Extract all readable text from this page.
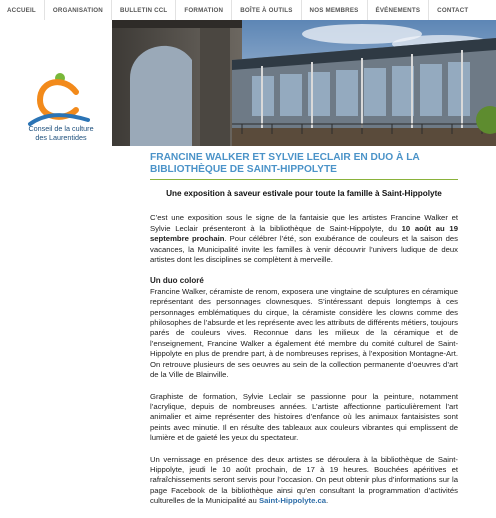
ACCUEIL	ORGANISATION	BULLETIN CCL	FORMATION	BOÎTE À OUTILS	NOS MEMBRES	ÉVÉNEMENTS	CONTACT
Conseil de la culture
des Laurentides
FRANCINE WALKER ET SYLVIE LECLAIR EN DUO À LA BIBLIOTHÈQUE DE SAINT-HIPPOLYTE
Une exposition à saveur estivale pour toute la famille à Saint-Hippolyte

C’est une exposition sous le signe de la fantaisie que les artistes Francine Walker et Sylvie Leclair présenteront à la bibliothèque de Saint-Hippolyte, du 10 août au 19 septembre prochain. Pour célébrer l’été, son exubérance de couleurs et la saison des vacances, la Municipalité invite les familles à venir découvrir l’univers ludique de deux artistes dont les disciplines se complètent à merveille.

Un duo coloré

Francine Walker, céramiste de renom, exposera une vingtaine de sculptures en céramique représentant des personnages clownesques. S’intéressant depuis longtemps à ces personnages emblématiques du cirque, la céramiste considère les clowns comme des philosophes de l’absurde et les représente avec les attributs de différents métiers, toujours parés de couleurs vives. Reconnue dans les milieux de la céramique et de l’enseignement, Francine Walker a également été membre du comité culturel de Saint-Hippolyte en plus de prendre part, à de nombreuses reprises, à l’exposition Montagne-Art. On retrouve plusieurs de ses oeuvres au sein de la collection permanente d’oeuvres d’art de la Ville de Blainville.

Graphiste de formation, Sylvie Leclair se passionne pour la peinture, notamment l’acrylique, depuis de nombreuses années. L’artiste affectionne particulièrement l’art animalier et aime représenter des histoires d’enfance où les animaux fantaisistes sont peints avec minutie. Il en résulte des tableaux aux couleurs vibrantes qui emplissent de lumière et de gaieté les yeux du spectateur.

Un vernissage en présence des deux artistes se déroulera à la bibliothèque de Saint-Hippolyte, jeudi le 10 août prochain, de 17 à 19 heures. Bouchées apéritives et rafraîchissements seront servis pour l’occasion. On peut obtenir plus d’informations sur la page Facebook de la bibliothèque ainsi qu’en consultant la programmation d’activités culturelles de la Municipalité au Saint-Hippolyte.ca.
